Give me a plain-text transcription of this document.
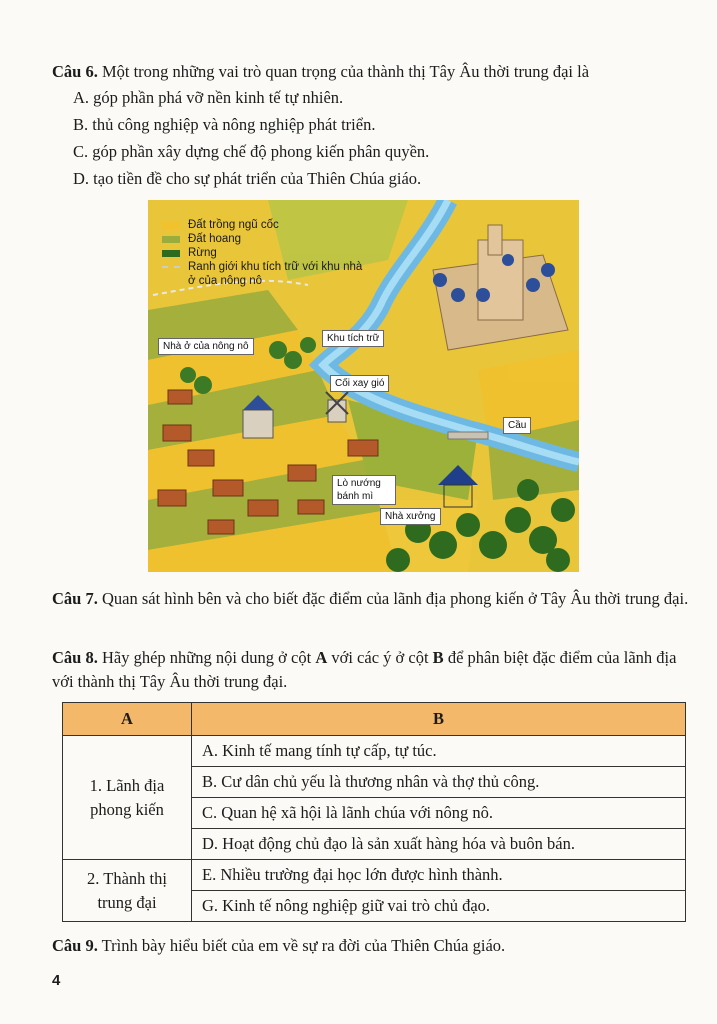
Câu 6. Một trong những vai trò quan trọng của thành thị Tây Âu thời trung đại là
A. góp phần phá vỡ nền kinh tế tự nhiên.
B. thủ công nghiệp và nông nghiệp phát triển.
C. góp phần xây dựng chế độ phong kiến phân quyền.
D. tạo tiền đề cho sự phát triển của Thiên Chúa giáo.
Đất trồng ngũ cốc
Đất hoang
Rừng
Ranh giới khu tích trữ với khu nhà ở của nông nô
Nhà ở của nông nô
Khu tích trữ
Cối xay gió
Cầu
Lò nướng bánh mì
Nhà xưởng
Câu 7. Quan sát hình bên và cho biết đặc điểm của lãnh địa phong kiến ở Tây Âu thời trung đại.
Câu 8. Hãy ghép những nội dung ở cột A với các ý ở cột B để phân biệt đặc điểm của lãnh địa với thành thị Tây Âu thời trung đại.
A	B
1. Lãnh địa phong kiến	A. Kinh tế mang tính tự cấp, tự túc.
	B. Cư dân chủ yếu là thương nhân và thợ thủ công.
	C. Quan hệ xã hội là lãnh chúa với nông nô.
	D. Hoạt động chủ đạo là sản xuất hàng hóa và buôn bán.
2. Thành thị trung đại	E. Nhiều trường đại học lớn được hình thành.
	G. Kinh tế nông nghiệp giữ vai trò chủ đạo.
Câu 9. Trình bày hiểu biết của em về sự ra đời của Thiên Chúa giáo.
4
